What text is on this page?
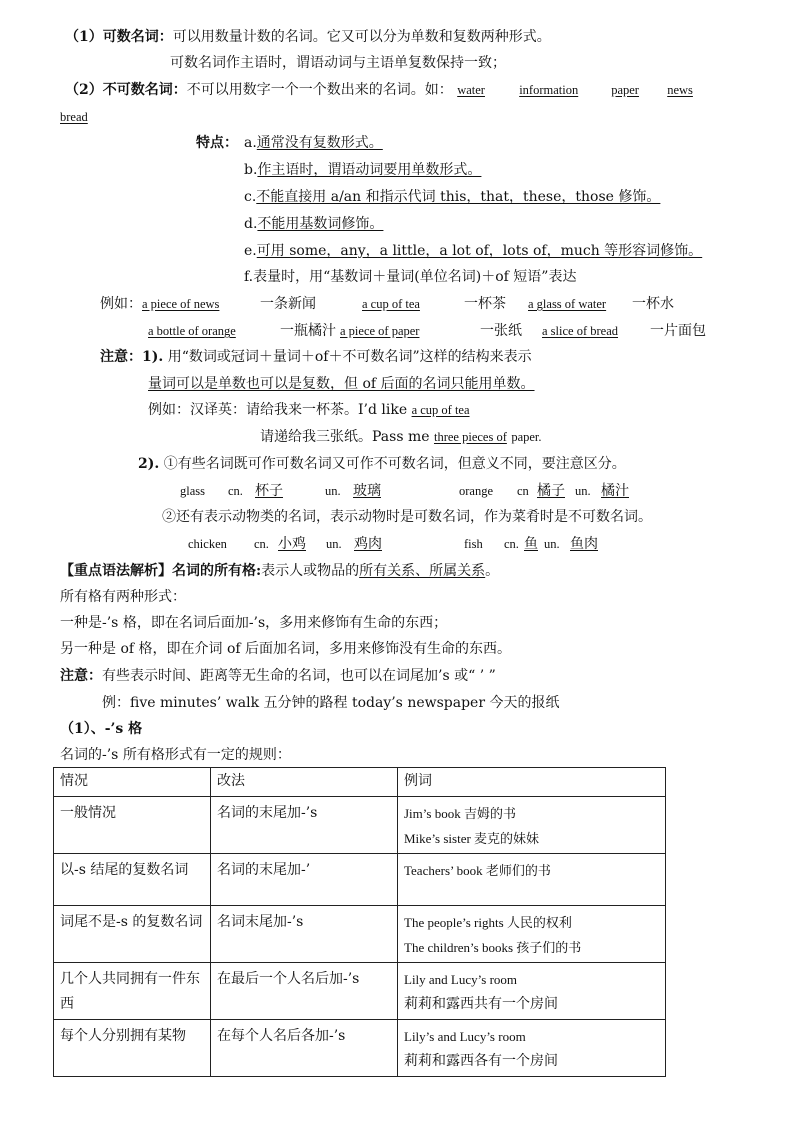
（1）可数名词：可以用数量计数的名词。它又可以分为单数和复数两种形式。
可数名词作主语时，谓语动词与主语单复数保持一致；
（2）不可数名词：不可以用数字一个一个数出来的名词。如： water	information	paper news
bread
特点： a.通常没有复数形式。
b.作主语时，谓语动词要用单数形式。
c.不能直接用 a/an 和指示代词 this，that，these，those 修饰。
d.不能用基数词修饰。
e.可用 some，any，a little，a lot of，lots of，much 等形容词修饰。
f.表量时，用“基数词＋量词(单位名词)＋of 短语”表达
例如：a piece of news	一条新闻	a cup of tea	一杯茶 a glass of water 一杯水
a bottle of orange	一瓶橘汁 a piece of paper	一张纸 a slice of bread 一片面包
注意：1). 用“数词或冠词＋量词＋of＋不可数名词”这样的结构来表示
量词可以是单数也可以是复数，但 of 后面的名词只能用单数。
例如：汉译英：请给我来一杯茶。I’d like a cup of tea
请递给我三张纸。Pass me three pieces of paper.
2). ①有些名词既可作可数名词又可作不可数名词，但意义不同，要注意区分。
glass cn. 杯子	un. 玻璃	orange cn 橘子 un. 橘汁
②还有表示动物类的名词，表示动物时是可数名词，作为菜肴时是不可数名词。
chicken cn. 小鸡 un. 鸡肉	fish cn. 鱼 un. 鱼肉
【重点语法解析】名词的所有格:表示人或物品的所有关系、所属关系。
所有格有两种形式：
一种是-’s 格，即在名词后面加-’s，多用来修饰有生命的东西；
另一种是 of 格，即在介词 of 后面加名词，多用来修饰没有生命的东西。
注意：有些表示时间、距离等无生命的名词，也可以在词尾加’s 或“ ’ ”
例：five minutes’ walk 五分钟的路程 today’s newspaper 今天的报纸
（1）、-’s 格
名词的-’s 所有格形式有一定的规则：
情况	改法	例词
一般情况	名词的末尾加-’s	Jim’s book 吉姆的书
Mike’s sister 麦克的妹妹

以-s 结尾的复数名词	名词的末尾加-’	Teachers’ book 老师们的书

词尾不是-s 的复数名词	名词末尾加-’s	The people’s rights 人民的权利
The children’s books 孩子们的书

几个人共同拥有一件东西	在最后一个人名后加-’s	Lily and Lucy’s room
莉莉和露西共有一个房间

每个人分别拥有某物	在每个人名后各加-’s	Lily’s and Lucy’s room
莉莉和露西各有一个房间
